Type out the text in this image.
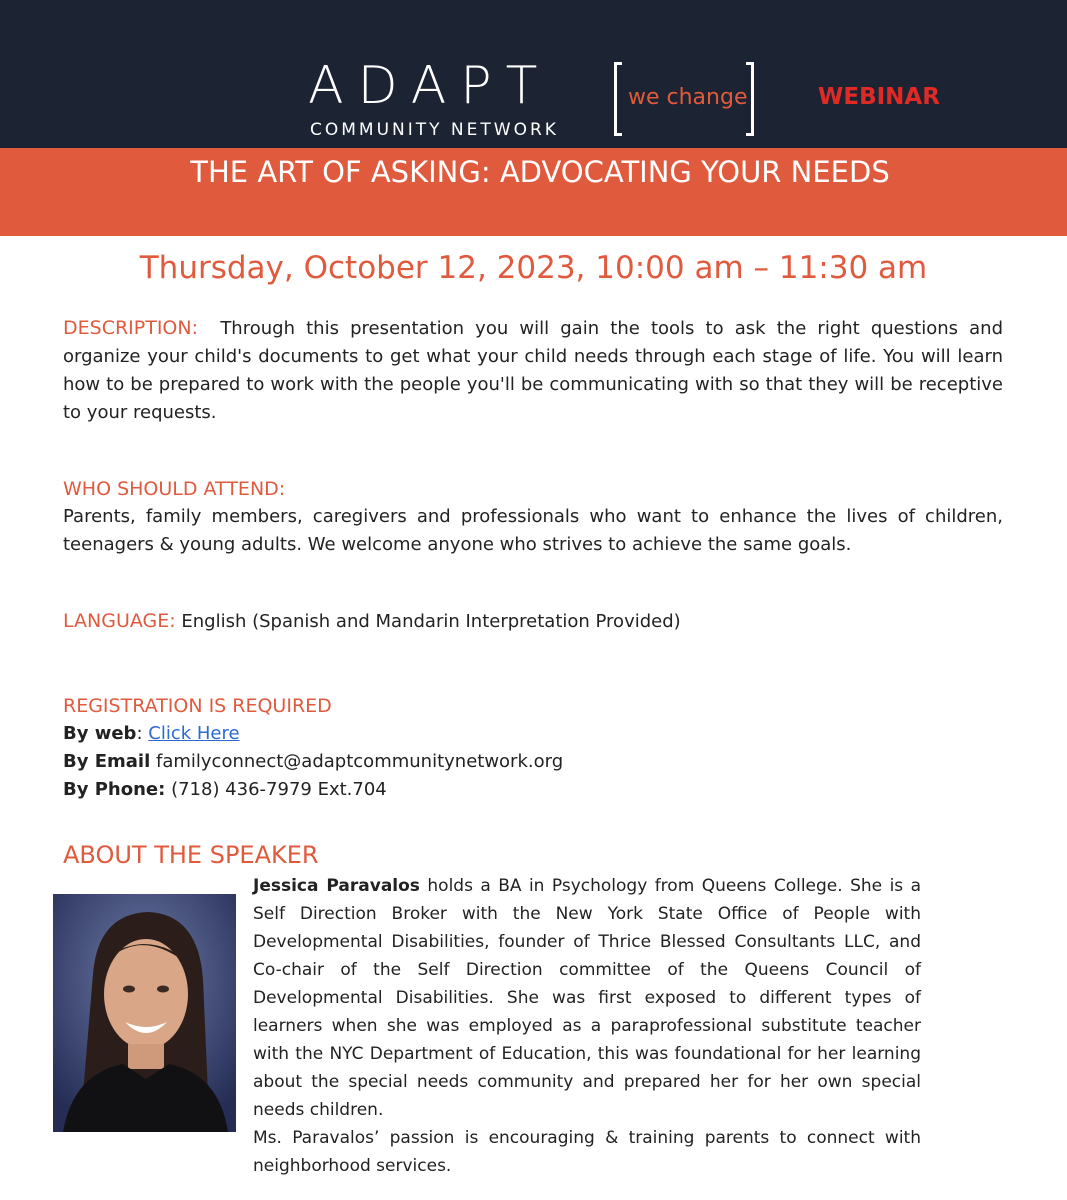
ADAPT
COMMUNITY NETWORK
we change	WEBINAR
THE ART OF ASKING: ADVOCATING YOUR NEEDS
Thursday, October 12, 2023, 10:00 am – 11:30 am
DESCRIPTION: Through this presentation you will gain the tools to ask the right questions and organize your child's documents to get what your child needs through each stage of life. You will learn how to be prepared to work with the people you'll be communicating with so that they will be receptive to your requests.
WHO SHOULD ATTEND:
Parents, family members, caregivers and professionals who want to enhance the lives of children, teenagers & young adults. We welcome anyone who strives to achieve the same goals.
LANGUAGE: English (Spanish and Mandarin Interpretation Provided)
REGISTRATION IS REQUIRED
By web: Click Here
By Email familyconnect@adaptcommunitynetwork.org
By Phone: (718) 436-7979 Ext.704
ABOUT THE SPEAKER
Jessica Paravalos holds a BA in Psychology from Queens College. She is a Self Direction Broker with the New York State Office of People with Developmental Disabilities, founder of Thrice Blessed Consultants LLC, and Co-chair of the Self Direction committee of the Queens Council of Developmental Disabilities. She was first exposed to different types of learners when she was employed as a paraprofessional substitute teacher with the NYC Department of Education, this was foundational for her learning about the special needs community and prepared her for her own special needs children.
Ms. Paravalos’ passion is encouraging & training parents to connect with neighborhood services.
